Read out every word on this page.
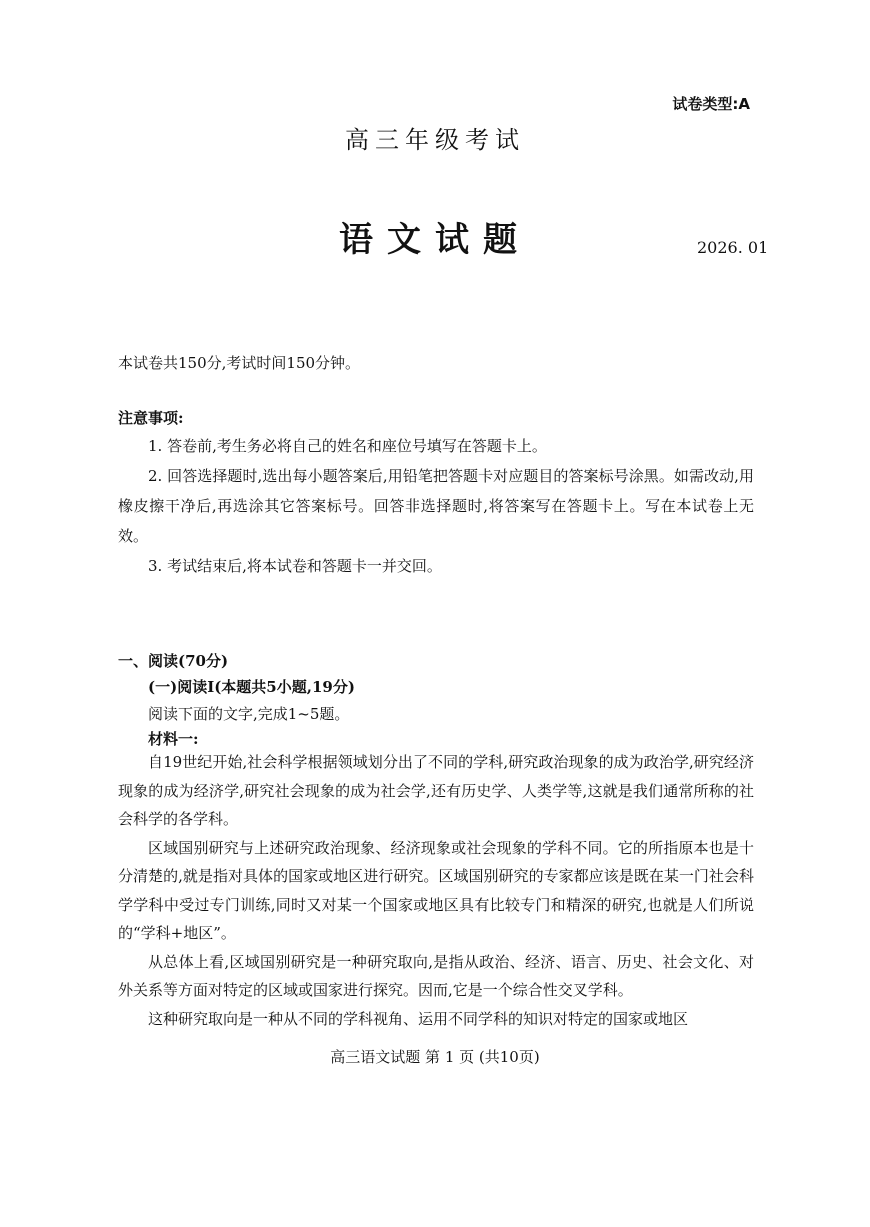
试卷类型:A
高三年级考试
语文试题	2026. 01
本试卷共150分,考试时间150分钟。
注意事项:

1. 答卷前,考生务必将自己的姓名和座位号填写在答题卡上。

2. 回答选择题时,选出每小题答案后,用铅笔把答题卡对应题目的答案标号涂黑。如需改动,用橡皮擦干净后,再选涂其它答案标号。回答非选择题时,将答案写在答题卡上。写在本试卷上无效。

3. 考试结束后,将本试卷和答题卡一并交回。

一、阅读(70分)
(一)阅读Ⅰ(本题共5小题,19分)
阅读下面的文字,完成1~5题。
材料一:

自19世纪开始,社会科学根据领域划分出了不同的学科,研究政治现象的成为政治学,研究经济现象的成为经济学,研究社会现象的成为社会学,还有历史学、人类学等,这就是我们通常所称的社会科学的各学科。

区域国别研究与上述研究政治现象、经济现象或社会现象的学科不同。它的所指原本也是十分清楚的,就是指对具体的国家或地区进行研究。区域国别研究的专家都应该是既在某一门社会科学学科中受过专门训练,同时又对某一个国家或地区具有比较专门和精深的研究,也就是人们所说的“学科+地区”。

从总体上看,区域国别研究是一种研究取向,是指从政治、经济、语言、历史、社会文化、对外关系等方面对特定的区域或国家进行探究。因而,它是一个综合性交叉学科。

这种研究取向是一种从不同的学科视角、运用不同学科的知识对特定的国家或地区

高三语文试题 第 1 页 (共10页)
